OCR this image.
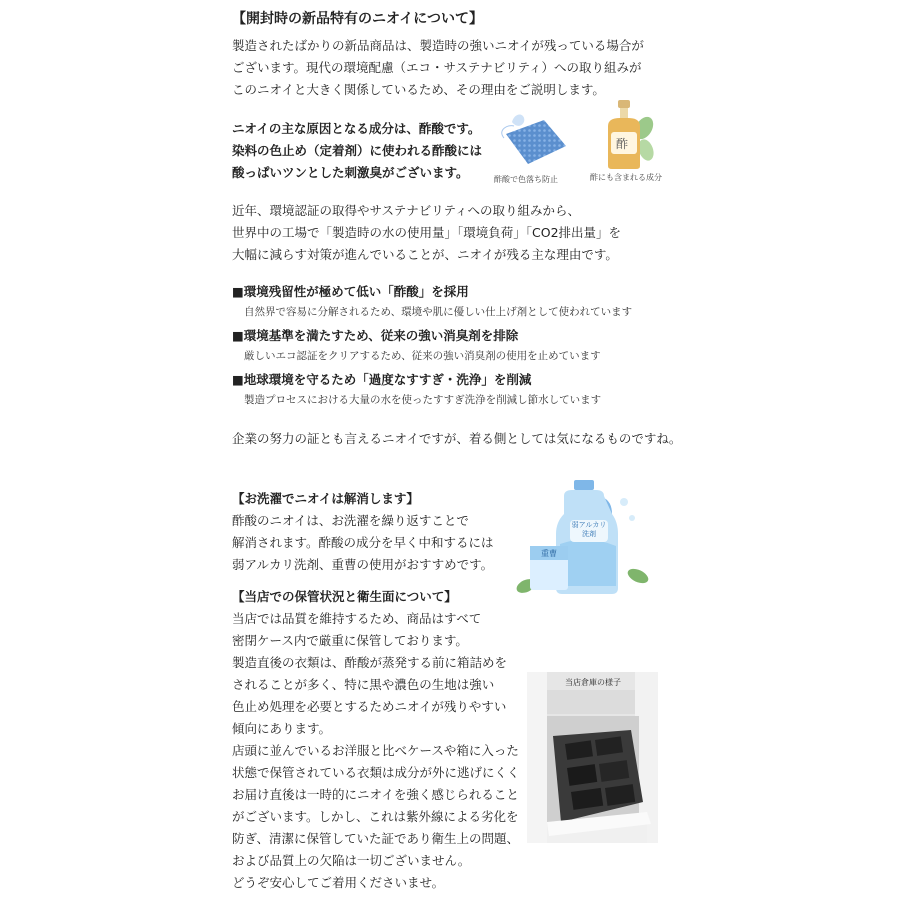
【開封時の新品特有のニオイについて】
製造されたばかりの新品商品は、製造時の強いニオイが残っている場合が
ございます。現代の環境配慮（エコ・サステナビリティ）への取り組みが
このニオイと大きく関係しているため、その理由をご説明します。
ニオイの主な原因となる成分は、酢酸です。
染料の色止め（定着剤）に使われる酢酸には
酸っぱいツンとした刺激臭がございます。	酢酸で色落ち防止
酢
酢にも含まれる成分
近年、環境認証の取得やサステナビリティへの取り組みから、
世界中の工場で「製造時の水の使用量」「環境負荷」「CO2排出量」を
大幅に減らす対策が進んでいることが、ニオイが残る主な理由です。
■環境残留性が極めて低い「酢酸」を採用
自然界で容易に分解されるため、環境や肌に優しい仕上げ剤として使われています
■環境基準を満たすため、従来の強い消臭剤を排除
厳しいエコ認証をクリアするため、従来の強い消臭剤の使用を止めています
■地球環境を守るため「過度なすすぎ・洗浄」を削減
製造プロセスにおける大量の水を使ったすすぎ洗浄を削減し節水しています
企業の努力の証とも言えるニオイですが、着る側としては気になるものですね。
【お洗濯でニオイは解消します】
酢酸のニオイは、お洗濯を繰り返すことで
解消されます。酢酸の成分を早く中和するには
弱アルカリ洗剤、重曹の使用がおすすめです。
弱アルカリ洗剤
重曹
【当店での保管状況と衛生面について】
当店では品質を維持するため、商品はすべて
密閉ケース内で厳重に保管しております。
製造直後の衣類は、酢酸が蒸発する前に箱詰めを
されることが多く、特に黒や濃色の生地は強い
色止め処理を必要とするためニオイが残りやすい
傾向にあります。
店頭に並んでいるお洋服と比べケースや箱に入った
状態で保管されている衣類は成分が外に逃げにくく
お届け直後は一時的にニオイを強く感じられること
がございます。しかし、これは紫外線による劣化を
防ぎ、清潔に保管していた証であり衛生上の問題、
および品質上の欠陥は一切ございません。
当店倉庫の様子
どうぞ安心してご着用くださいませ。
